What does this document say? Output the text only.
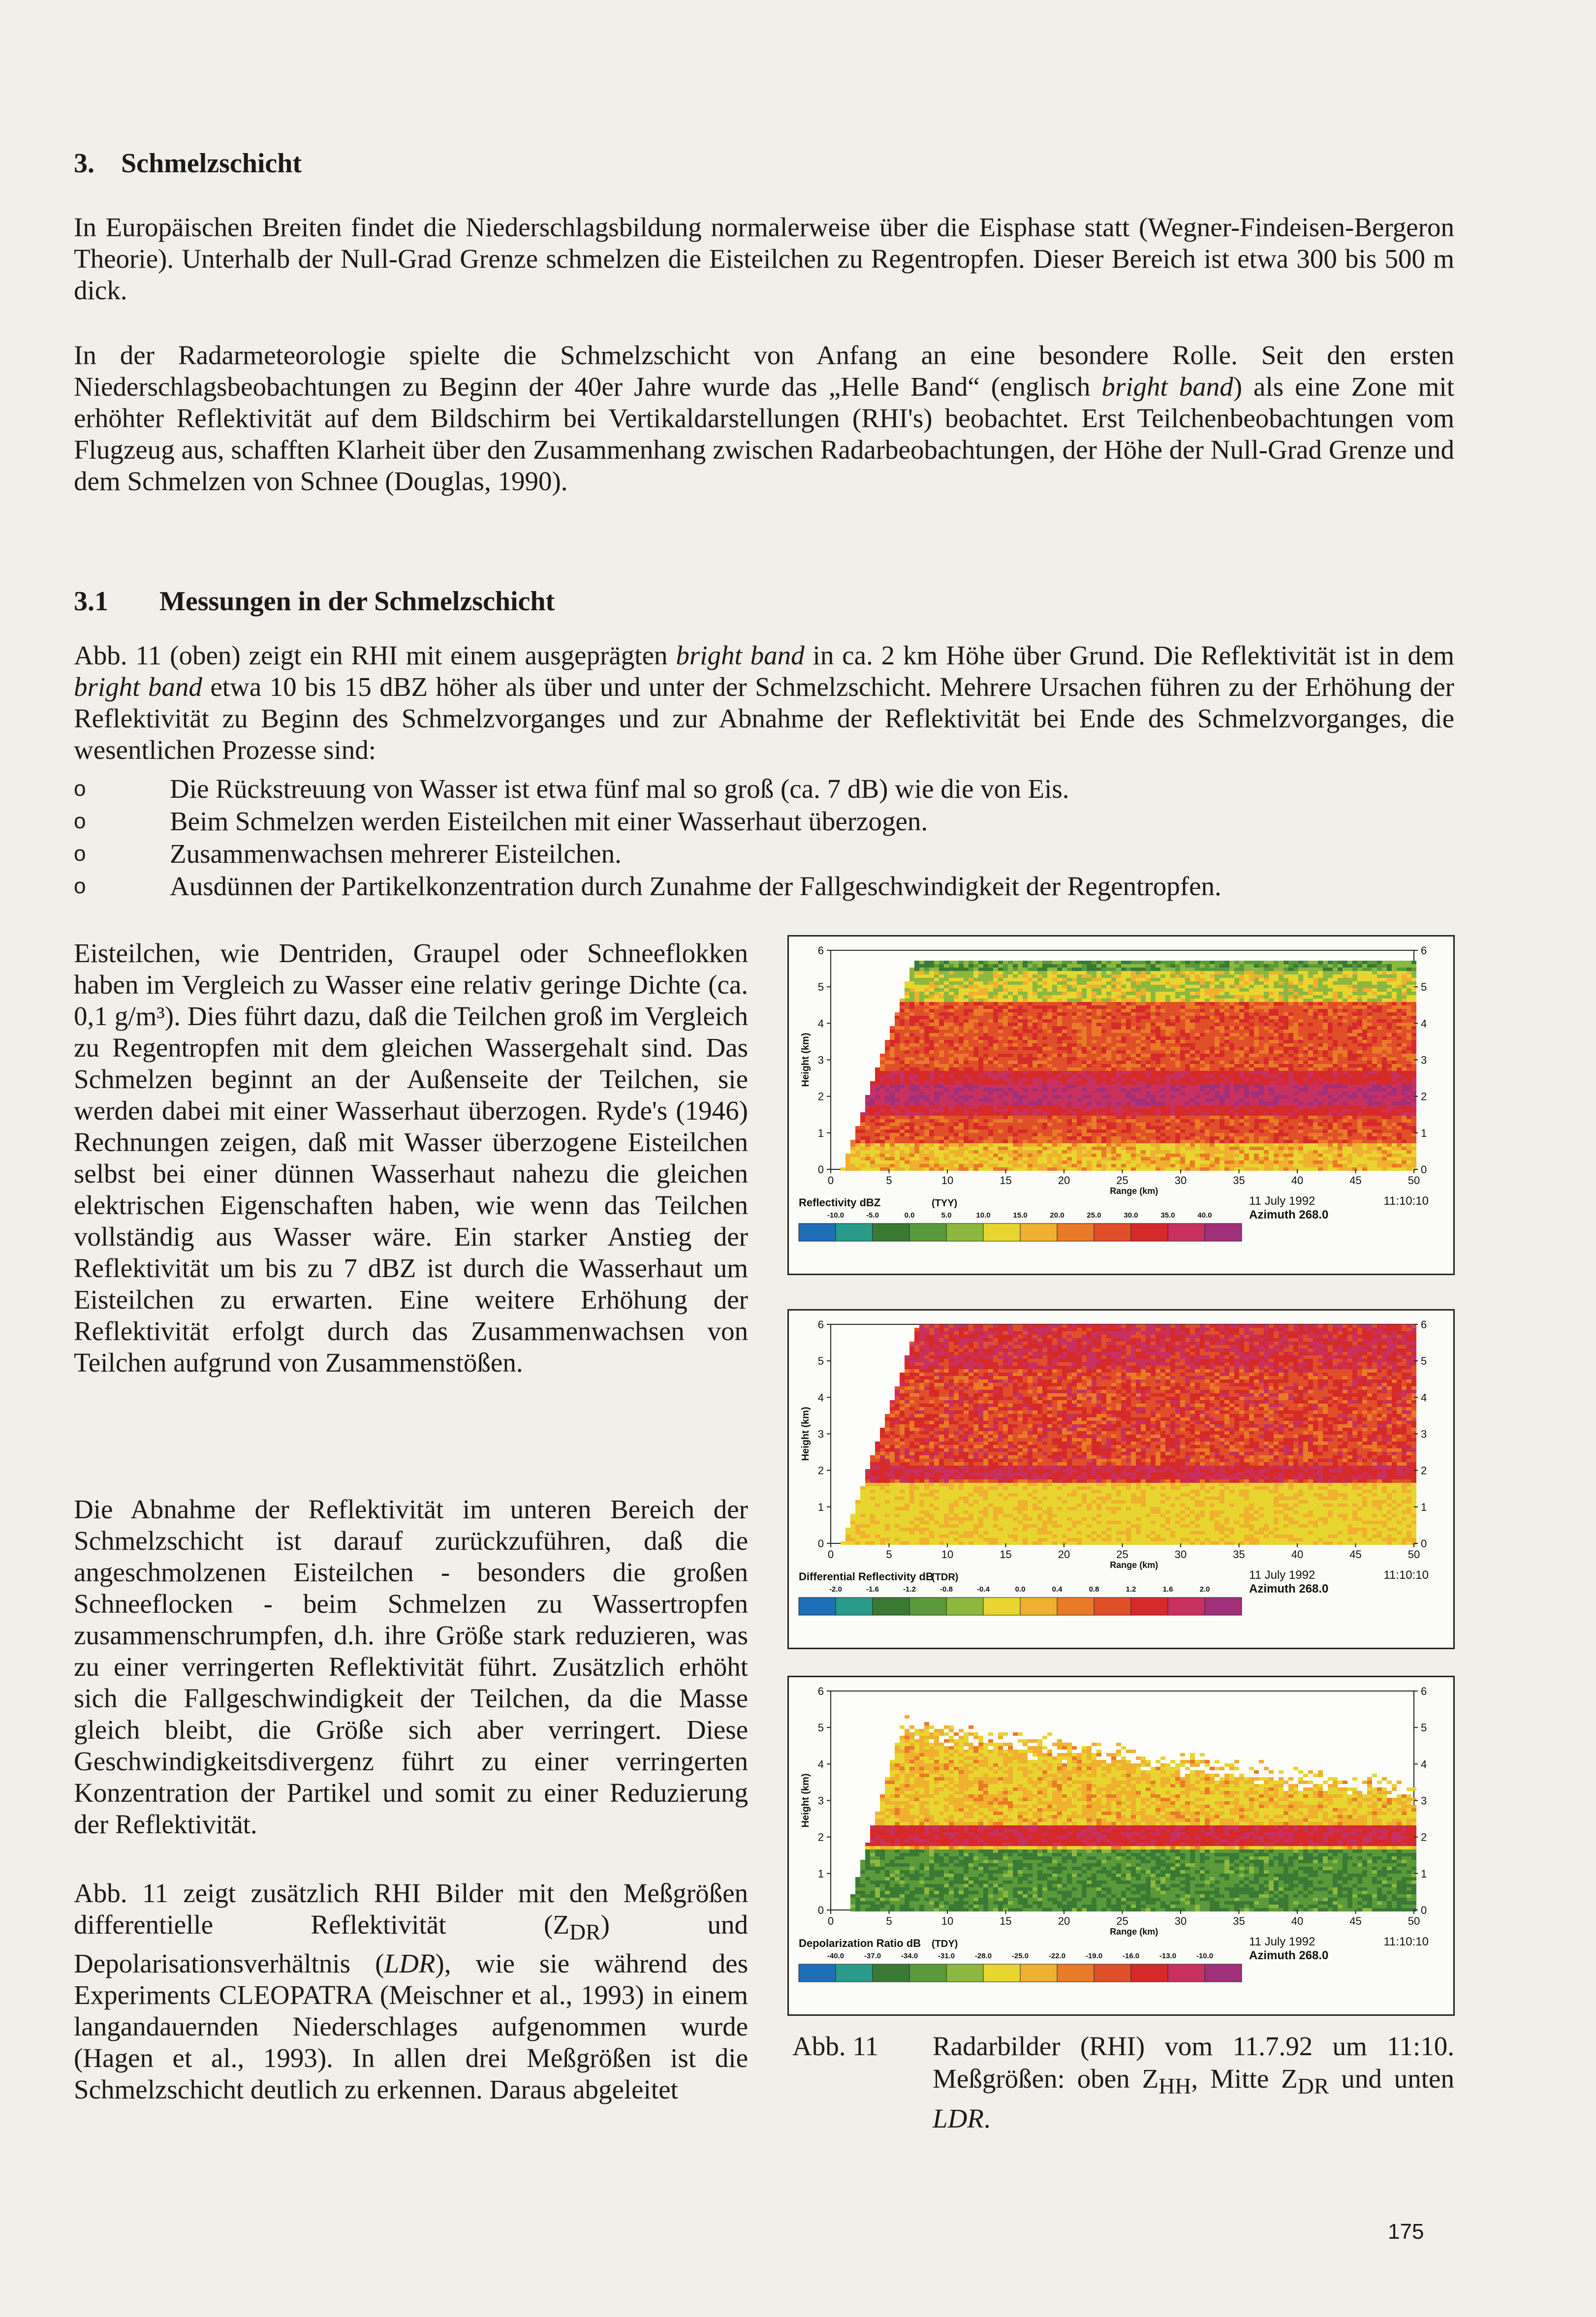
3. Schmelzschicht

In Europäischen Breiten findet die Niederschlagsbildung normalerweise über die Eisphase statt (Wegner-Findeisen-Bergeron Theorie). Unterhalb der Null-Grad Grenze schmelzen die Eisteilchen zu Regentropfen. Dieser Bereich ist etwa 300 bis 500 m dick.

In der Radarmeteorologie spielte die Schmelzschicht von Anfang an eine besondere Rolle. Seit den ersten Niederschlagsbeobachtungen zu Beginn der 40er Jahre wurde das „Helle Band“ (englisch bright band) als eine Zone mit erhöhter Reflektivität auf dem Bildschirm bei Vertikaldarstellungen (RHI's) beobachtet. Erst Teilchenbeobachtungen vom Flugzeug aus, schafften Klarheit über den Zusammenhang zwischen Radarbeobachtungen, der Höhe der Null-Grad Grenze und dem Schmelzen von Schnee (Douglas, 1990).

3.1 Messungen in der Schmelzschicht

Abb. 11 (oben) zeigt ein RHI mit einem ausgeprägten bright band in ca. 2 km Höhe über Grund. Die Reflektivität ist in dem bright band etwa 10 bis 15 dBZ höher als über und unter der Schmelzschicht. Mehrere Ursachen führen zu der Erhöhung der Reflektivität zu Beginn des Schmelzvorganges und zur Abnahme der Reflektivität bei Ende des Schmelzvorganges, die wesentlichen Prozesse sind:

o	Die Rückstreuung von Wasser ist etwa fünf mal so groß (ca. 7 dB) wie die von Eis.
o	Beim Schmelzen werden Eisteilchen mit einer Wasserhaut überzogen.
o	Zusammenwachsen mehrerer Eisteilchen.
o	Ausdünnen der Partikelkonzentration durch Zunahme der Fallgeschwindigkeit der Regentropfen.

Eisteilchen, wie Dentriden, Graupel oder Schneeflokken haben im Vergleich zu Wasser eine relativ geringe Dichte (ca. 0,1 g/m³). Dies führt dazu, daß die Teilchen groß im Vergleich zu Regentropfen mit dem gleichen Wassergehalt sind. Das Schmelzen beginnt an der Außenseite der Teilchen, sie werden dabei mit einer Wasserhaut überzogen. Ryde's (1946) Rechnungen zeigen, daß mit Wasser überzogene Eisteilchen selbst bei einer dünnen Wasserhaut nahezu die gleichen elektrischen Eigenschaften haben, wie wenn das Teilchen vollständig aus Wasser wäre. Ein starker Anstieg der Reflektivität um bis zu 7 dBZ ist durch die Wasserhaut um Eisteilchen zu erwarten. Eine weitere Erhöhung der Reflektivität erfolgt durch das Zusammenwachsen von Teilchen aufgrund von Zusammenstößen.

Die Abnahme der Reflektivität im unteren Bereich der Schmelzschicht ist darauf zurückzuführen, daß die angeschmolzenen Eisteilchen - besonders die großen Schneeflocken - beim Schmelzen zu Wassertropfen zusammenschrumpfen, d.h. ihre Größe stark reduzieren, was zu einer verringerten Reflektivität führt. Zusätzlich erhöht sich die Fallgeschwindigkeit der Teilchen, da die Masse gleich bleibt, die Größe sich aber verringert. Diese Geschwindigkeitsdivergenz führt zu einer verringerten Konzentration der Partikel und somit zu einer Reduzierung der Reflektivität.

Abb. 11 zeigt zusätzlich RHI Bilder mit den Meßgrößen differentielle Reflektivität $(Z_{DR})$ und Depolarisationsverhältnis (LDR), wie sie während des Experiments CLEOPATRA (Meischner et al., 1993) in einem langandauernden Niederschlages aufgenommen wurde (Hagen et al., 1993). In allen drei Meßgrößen ist die Schmelzschicht deutlich zu erkennen. Daraus abgeleitet

0	0
1	1
2	2
3	3
4	4
5	5
6	6
0	5	10	15	20	25	30	35	40	45	50
Height (km)
Range (km)
Reflectivity dBZ	(TYY)	11 July 1992	11:10:10
Azimuth 268.0
-10.0	-5.0	0.0	5.0	10.0	15.0	20.0	25.0	30.0	35.0	40.0
0	0
1	1
2	2
3	3
4	4
5	5
6	6
0	5	10	15	20	25	30	35	40	45	50
Height (km)
Range (km)
Differential Reflectivity dB
(TDR)	11 July 1992	11:10:10
Azimuth 268.0
-2.0	-1.6	-1.2	-0.8	-0.4	0.0	0.4	0.8	1.2	1.6	2.0
0	0
1	1
2	2
3	3
4	4
5	5
6	6
0	5	10	15	20	25	30	35	40	45	50
Height (km)
Range (km)
Depolarization Ratio dB (TDY)	11 July 1992	11:10:10
Azimuth 268.0
-40.0	-37.0	-34.0	-31.0	-28.0	-25.0	-22.0	-19.0	-16.0	-13.0	-10.0
Abb. 11 Radarbilder (RHI) vom 11.7.92 um 11:10. Meßgrößen: oben $Z_{HH}$, Mitte $Z_{DR}$ und unten LDR.
175
